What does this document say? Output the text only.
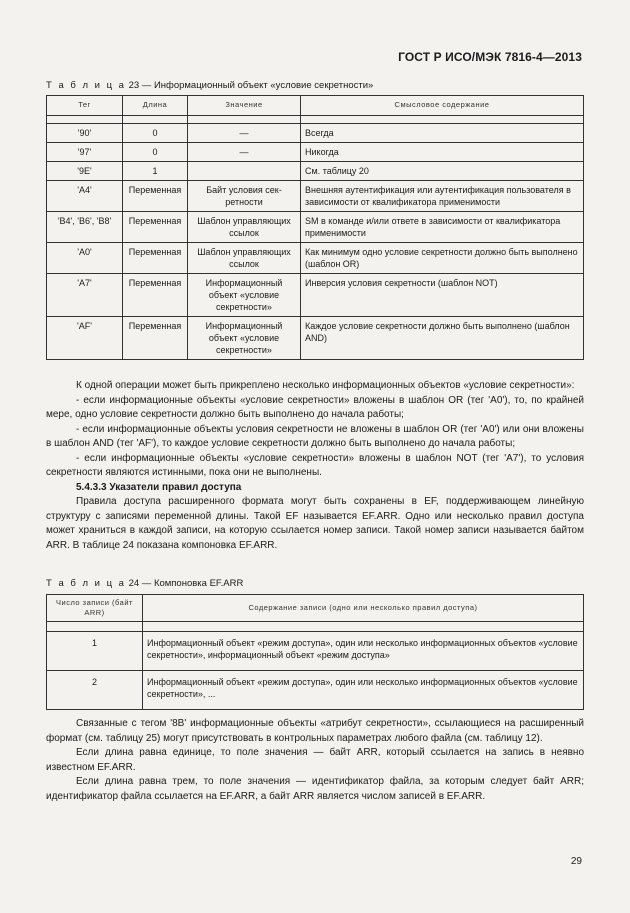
ГОСТ Р ИСО/МЭК 7816-4—2013
Т а б л и ц а 23 — Информационный объект «условие секретности»
Тег	Длина	Значение	Смысловое содержание

'90'	0	—	Всегда
'97'	0	—	Никогда
'9E'	1		См. таблицу 20
'A4'	Переменная	Байт условия сек-ретности	Внешняя аутентификация или аутентификация пользователя в зависимости от квалификатора применимости
'B4', 'B6', 'B8'	Переменная	Шаблон управляющих ссылок	SM в команде и/или ответе в зависимости от квалификатора применимости
'A0'	Переменная	Шаблон управляющих ссылок	Как минимум одно условие секретности должно быть выполнено (шаблон OR)
'A7'	Переменная	Информационный объект «условие секретности»	Инверсия условия секретности (шаблон NOT)
'AF'	Переменная	Информационный объект «условие секретности»	Каждое условие секретности должно быть выполнено (шаблон AND)

К одной операции может быть прикреплено несколько информационных объектов «условие секретности»:

- если информационные объекты «условие секретности» вложены в шаблон OR (тег 'A0'), то, по крайней мере, одно условие секретности должно быть выполнено до начала работы;

- если информационные объекты условия секретности не вложены в шаблон OR (тег 'A0') или они вложены в шаблон AND (тег 'AF'), то каждое условие секретности должно быть выполнено до начала работы;

- если информационные объекты «условие секретности» вложены в шаблон NOT (тег 'A7'), то условия секретности являются истинными, пока они не выполнены.

5.4.3.3 Указатели правил доступа

Правила доступа расширенного формата могут быть сохранены в EF, поддерживающем линейную структуру с записями переменной длины. Такой EF называется EF.ARR. Одно или несколько правил доступа может храниться в каждой записи, на которую ссылается номер записи. Такой номер записи называется байтом ARR. В таблице 24 показана компоновка EF.ARR.

Т а б л и ц а 24 — Компоновка EF.ARR
Число записи (байт ARR)	Содержание записи (одно или несколько правил доступа)

1	Информационный объект «режим доступа», один или несколько информационных объектов «условие секретности», информационный объект «режим доступа»
2	Информационный объект «режим доступа», один или несколько информационных объектов «условие секретности», ...

Связанные с тегом '8B' информационные объекты «атрибут секретности», ссылающиеся на расширенный формат (см. таблицу 25) могут присутствовать в контрольных параметрах любого файла (см. таблицу 12).

Если длина равна единице, то поле значения — байт ARR, который ссылается на запись в неявно известном EF.ARR.

Если длина равна трем, то поле значения — идентификатор файла, за которым следует байт ARR; идентификатор файла ссылается на EF.ARR, а байт ARR является числом записей в EF.ARR.

29
